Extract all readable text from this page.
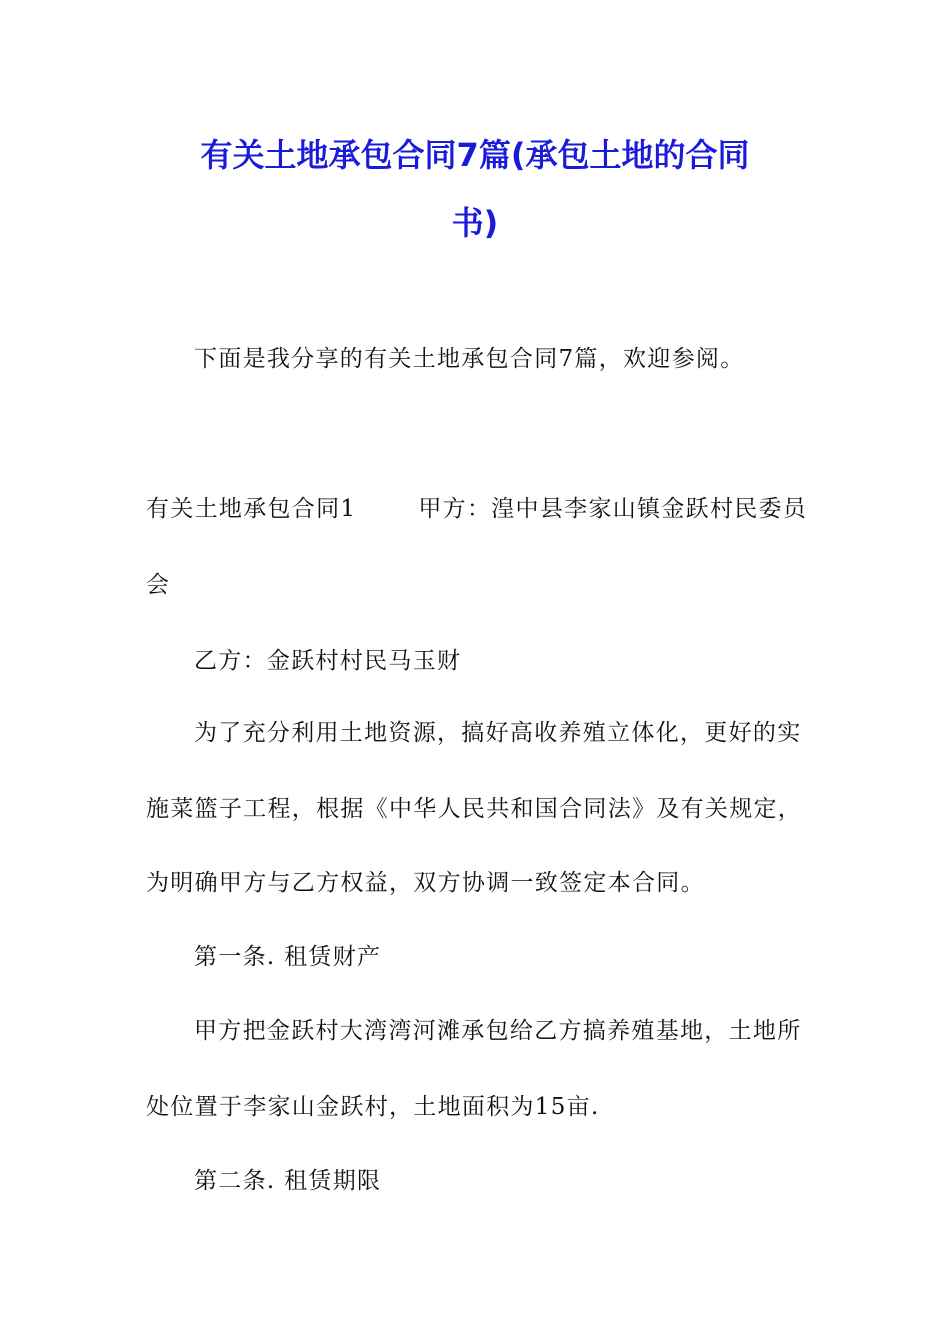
有关土地承包合同7篇(承包土地的合同
书)
下面是我分享的有关土地承包合同7篇，欢迎参阅。
有关土地承包合同1	甲方：湟中县李家山镇金跃村民委员
会
乙方：金跃村村民马玉财
为了充分利用土地资源，搞好高收养殖立体化，更好的实
施菜篮子工程，根据《中华人民共和国合同法》及有关规定，
为明确甲方与乙方权益，双方协调一致签定本合同。
第一条. 租赁财产
甲方把金跃村大湾湾河滩承包给乙方搞养殖基地，土地所
处位置于李家山金跃村，土地面积为15亩.
第二条. 租赁期限
